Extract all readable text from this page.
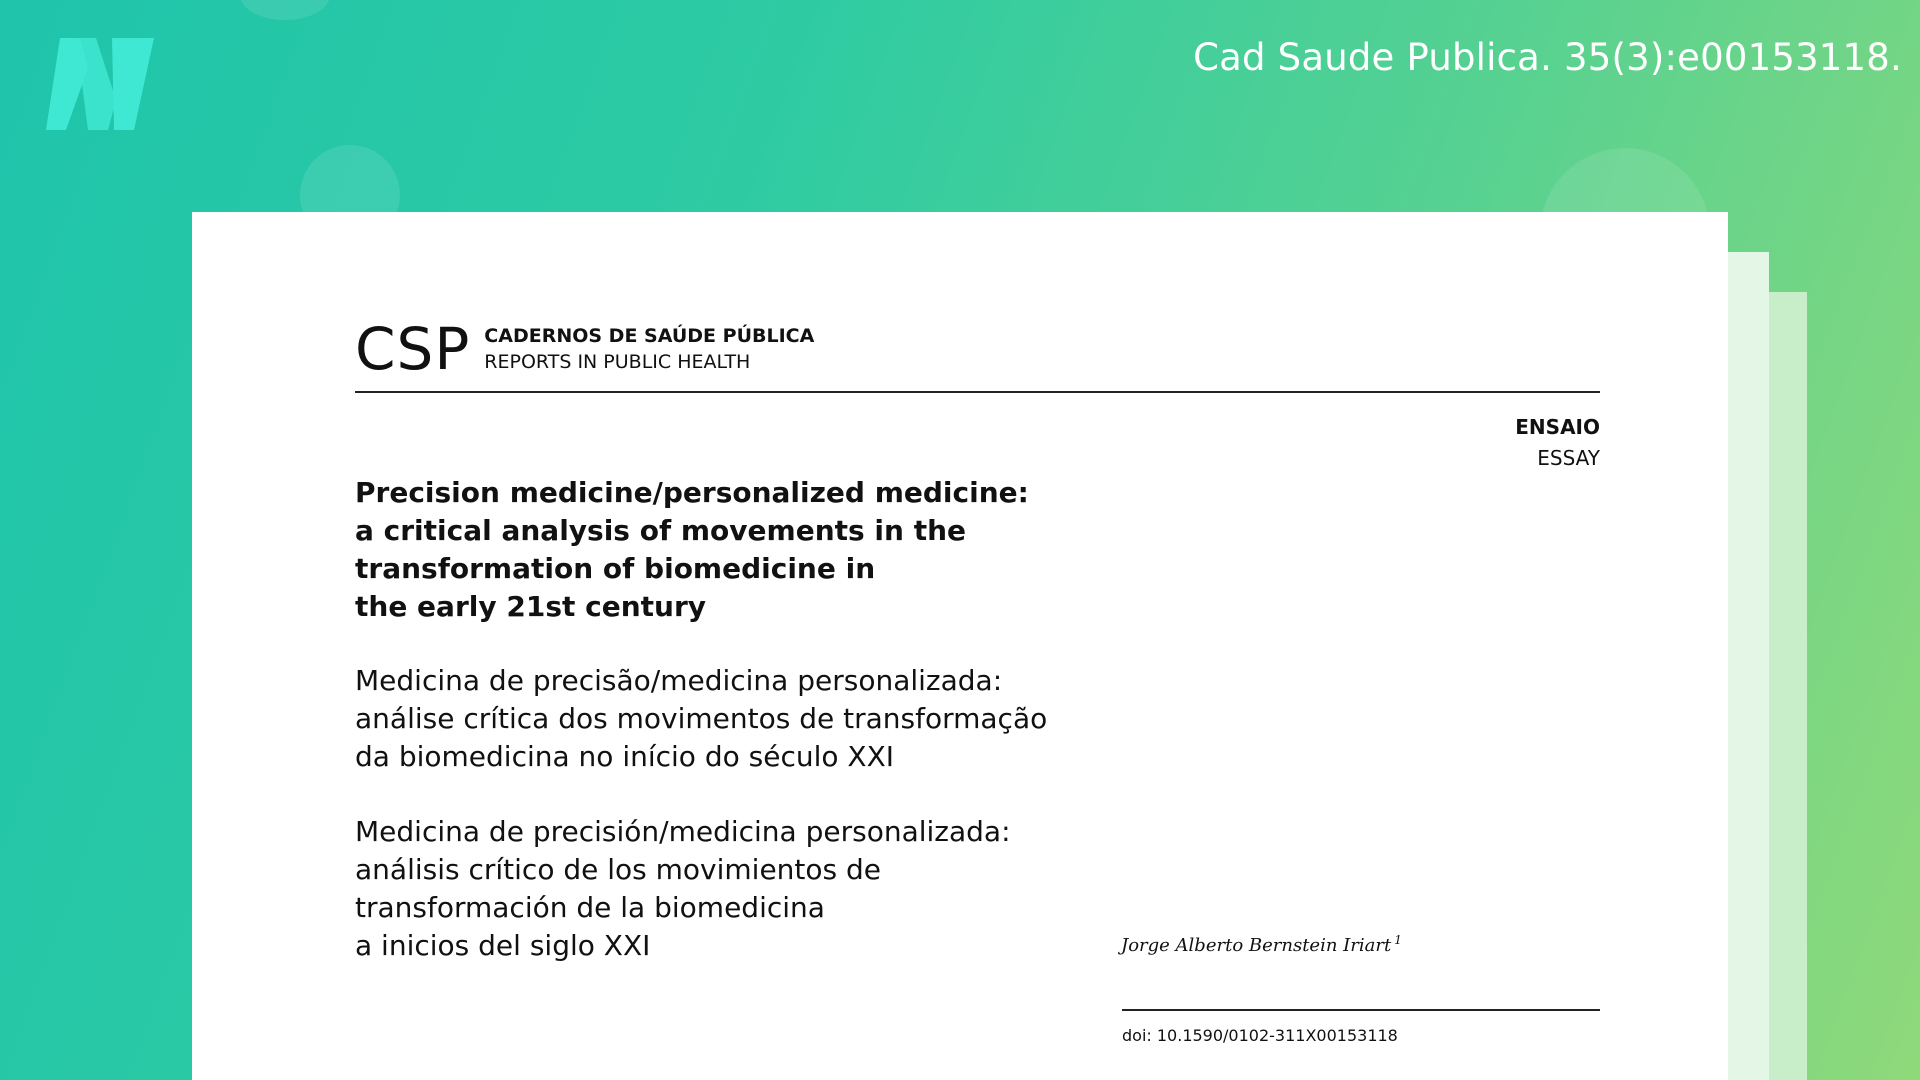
Cad Saude Publica. 35(3):e00153118.
CSP CADERNOS DE SAÚDE PÚBLICA
REPORTS IN PUBLIC HEALTH
ENSAIO
ESSAY
Precision medicine/personalized medicine:
a critical analysis of movements in the
transformation of biomedicine in
the early 21st century
Medicina de precisão/medicina personalizada:
análise crítica dos movimentos de transformação
da biomedicina no início do século XXI
Medicina de precisión/medicina personalizada:
análisis crítico de los movimientos de
transformación de la biomedicina
a inicios del siglo XXI	Jorge Alberto Bernstein Iriart $^1$
doi: 10.1590/0102-311X00153118
